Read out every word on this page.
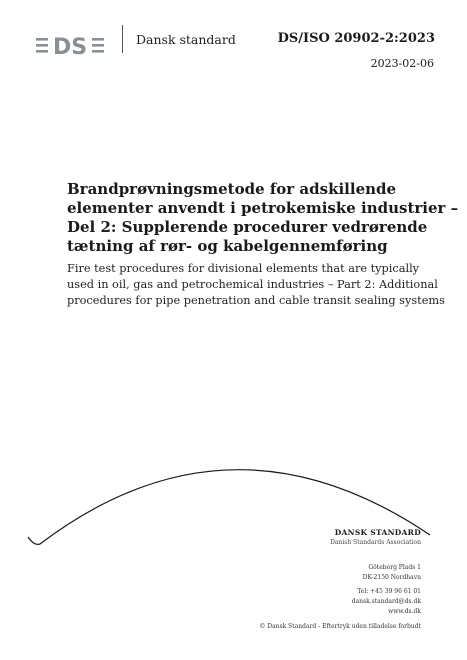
DS	Dansk standard	DS/ISO 20902-2:2023
2023-02-06
Brandprøvningsmetode for adskillende
elementer anvendt i petrokemiske industrier –
Del 2: Supplerende procedurer vedrørende
tætning af rør- og kabelgennemføring
Fire test procedures for divisional elements that are typically
used in oil, gas and petrochemical industries – Part 2: Additional
procedures for pipe penetration and cable transit sealing systems
DANSK STANDARD
Danish Standards Association
Göteborg Plads 1
DK-2150 Nordhavn
Tel: +45 39 96 61 01
dansk.standard@ds.dk
www.ds.dk
© Dansk Standard - Eftertryk uden tilladelse forbudt
